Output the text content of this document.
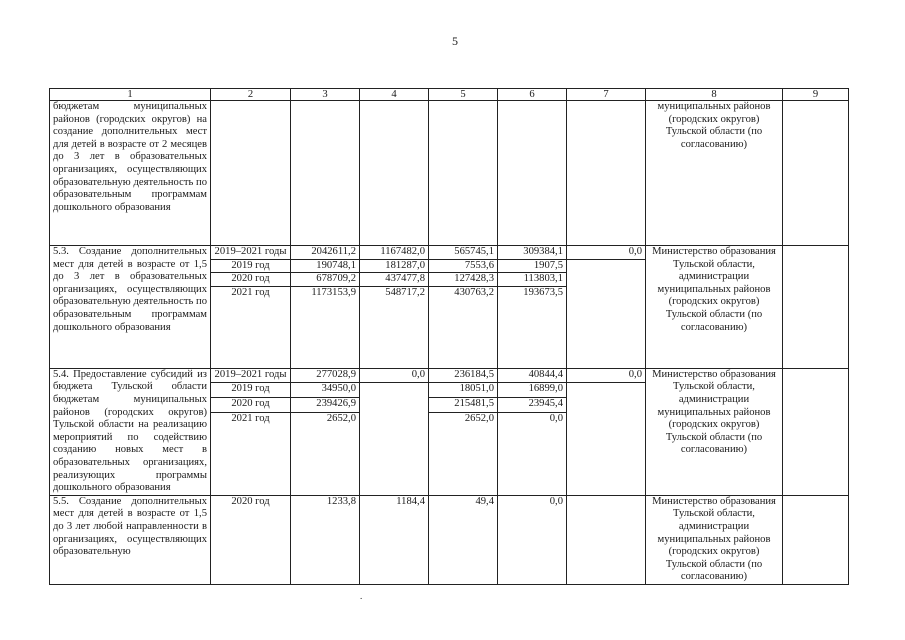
5
1	2	3	4	5	6	7	8	9
бюджетам муниципальных районов (городских округов) на создание дополнительных мест для детей в возрасте от 2 месяцев до 3 лет в образовательных организациях, осуществляющих образовательную деятельность по образовательным программам дошкольного образования							муниципальных районов (городских округов) Тульской области (по согласованию)	
5.3. Создание дополнительных мест для детей в возрасте от 1,5 до 3 лет в образовательных организациях, осуществляющих образовательную деятельность по образовательным программам дошкольного образования	2019–2021 годы	2042611,2	1167482,0	565745,1	309384,1	0,0	Министерство образования Тульской области, администрации муниципальных районов (городских округов) Тульской области (по согласованию)	
	2019 год	190748,1	181287,0	7553,6	1907,5			
	2020 год	678709,2	437477,8	127428,3	113803,1			
	2021 год	1173153,9	548717,2	430763,2	193673,5			
5.4. Предоставление субсидий из бюджета Тульской области бюджетам муниципальных районов (городских округов) Тульской области на реализацию мероприятий по содействию созданию новых мест в образовательных организациях, реализующих программы дошкольного образования	2019–2021 годы	277028,9	0,0	236184,5	40844,4	0,0	Министерство образования Тульской области, администрации муниципальных районов (городских округов) Тульской области (по согласованию)	
	2019 год	34950,0		18051,0	16899,0			
	2020 год	239426,9		215481,5	23945,4			
	2021 год	2652,0		2652,0	0,0			
5.5. Создание дополнительных мест для детей в возрасте от 1,5 до 3 лет любой направленности в организациях, осуществляющих образовательную	2020 год	1233,8	1184,4	49,4	0,0		Министерство образования Тульской области, администрации муниципальных районов (городских округов) Тульской области (по согласованию)	
.
